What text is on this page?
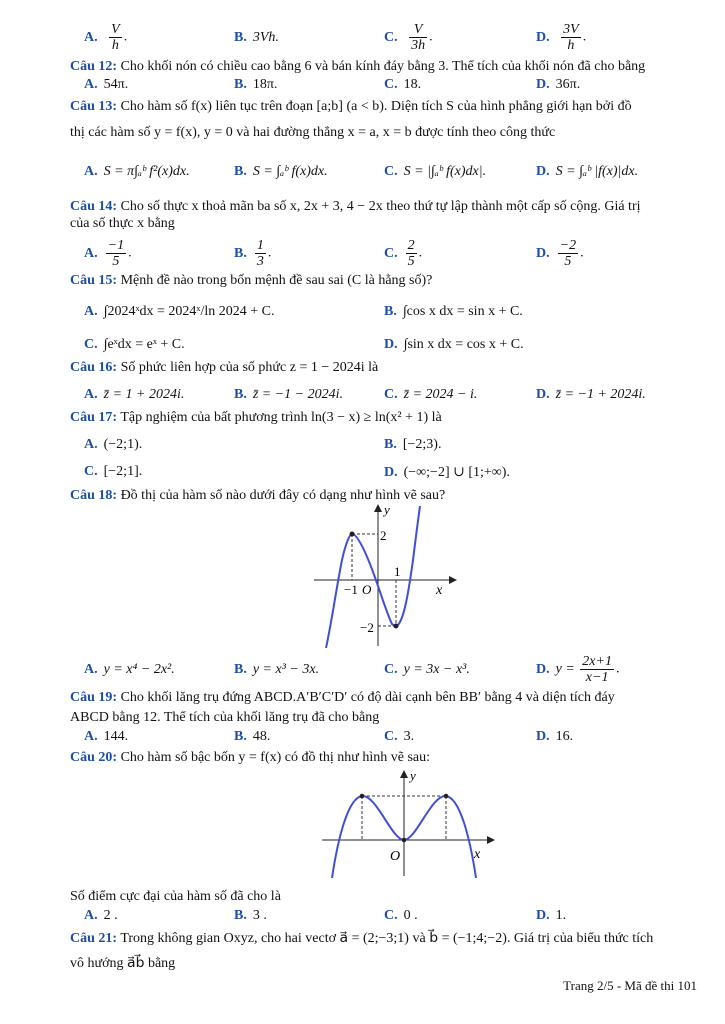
A. $\frac{V}{h}$ .	B. 3Vh.	C. $\frac{V}{3h}$ .	D. $\frac{3V}{h}$ .
Câu 12: Cho khối nón có chiều cao bằng 6 và bán kính đáy bằng 3. Thể tích của khối nón đã cho bằng
A. 54π.	B. 18π.	C. 18.	D. 36π.
Câu 13: Cho hàm số f(x) liên tục trên đoạn [a;b] (a < b). Diện tích S của hình phẳng giới hạn bởi đồ
thị các hàm số y = f(x), y = 0 và hai đường thẳng x = a, x = b được tính theo công thức
A. S = π∫ₐᵇ f²(x)dx.	B. S = ∫ₐᵇ f(x)dx.	C. S = |∫ₐᵇ f(x)dx|.	D. S = ∫ₐᵇ |f(x)|dx.
Câu 14: Cho số thực x thoả mãn ba số x, 2x + 3, 4 − 2x theo thứ tự lập thành một cấp số cộng. Giá trị
của số thực x bằng
A. $\frac{-1}{5}$ .	B. $\frac{1}{3}$ .	C. $\frac{2}{5}$ .	D. $\frac{-2}{5}$ .
Câu 15: Mệnh đề nào trong bốn mệnh đề sau sai (C là hằng số)?
A. ∫2024ˣdx = 2024ˣ/ln 2024 + C.	B. ∫cos x dx = sin x + C.
C. ∫eˣdx = eˣ + C.	D. ∫sin x dx = cos x + C.
Câu 16: Số phức liên hợp của số phức z = 1 − 2024i là
A. z̄ = 1 + 2024i.	B. z̄ = −1 − 2024i.	C. z̄ = 2024 − i.	D. z̄ = −1 + 2024i.
Câu 17: Tập nghiệm của bất phương trình ln(3 − x) ≥ ln(x² + 1) là
A. (−2;1).	B. [−2;3).
C. [−2;1].	D. (−∞;−2] ∪ [1;+∞).
Câu 18: Đồ thị của hàm số nào dưới đây có dạng như hình vẽ sau?
y
x
2
1
−1 O
−2
A. y = x⁴ − 2x².	B. y = x³ − 3x.	C. y = 3x − x³.	D. $y = \frac{2x+1}{x-1}$ .
Câu 19: Cho khối lăng trụ đứng ABCD.A′B′C′D′ có độ dài cạnh bên BB′ bằng 4 và diện tích đáy
ABCD bằng 12. Thể tích của khối lăng trụ đã cho bằng
A. 144.	B. 48.	C. 3.	D. 16.
Câu 20: Cho hàm số bậc bốn y = f(x) có đồ thị như hình vẽ sau:
y
x
O
Số điểm cực đại của hàm số đã cho là
A. 2 .	B. 3 .	C. 0 .	D. 1.
Câu 21: Trong không gian Oxyz, cho hai vectơ a⃗ = (2;−3;1) và b⃗ = (−1;4;−2). Giá trị của biểu thức tích
vô hướng a⃗b⃗ bằng
Trang 2/5 - Mã đề thi 101
